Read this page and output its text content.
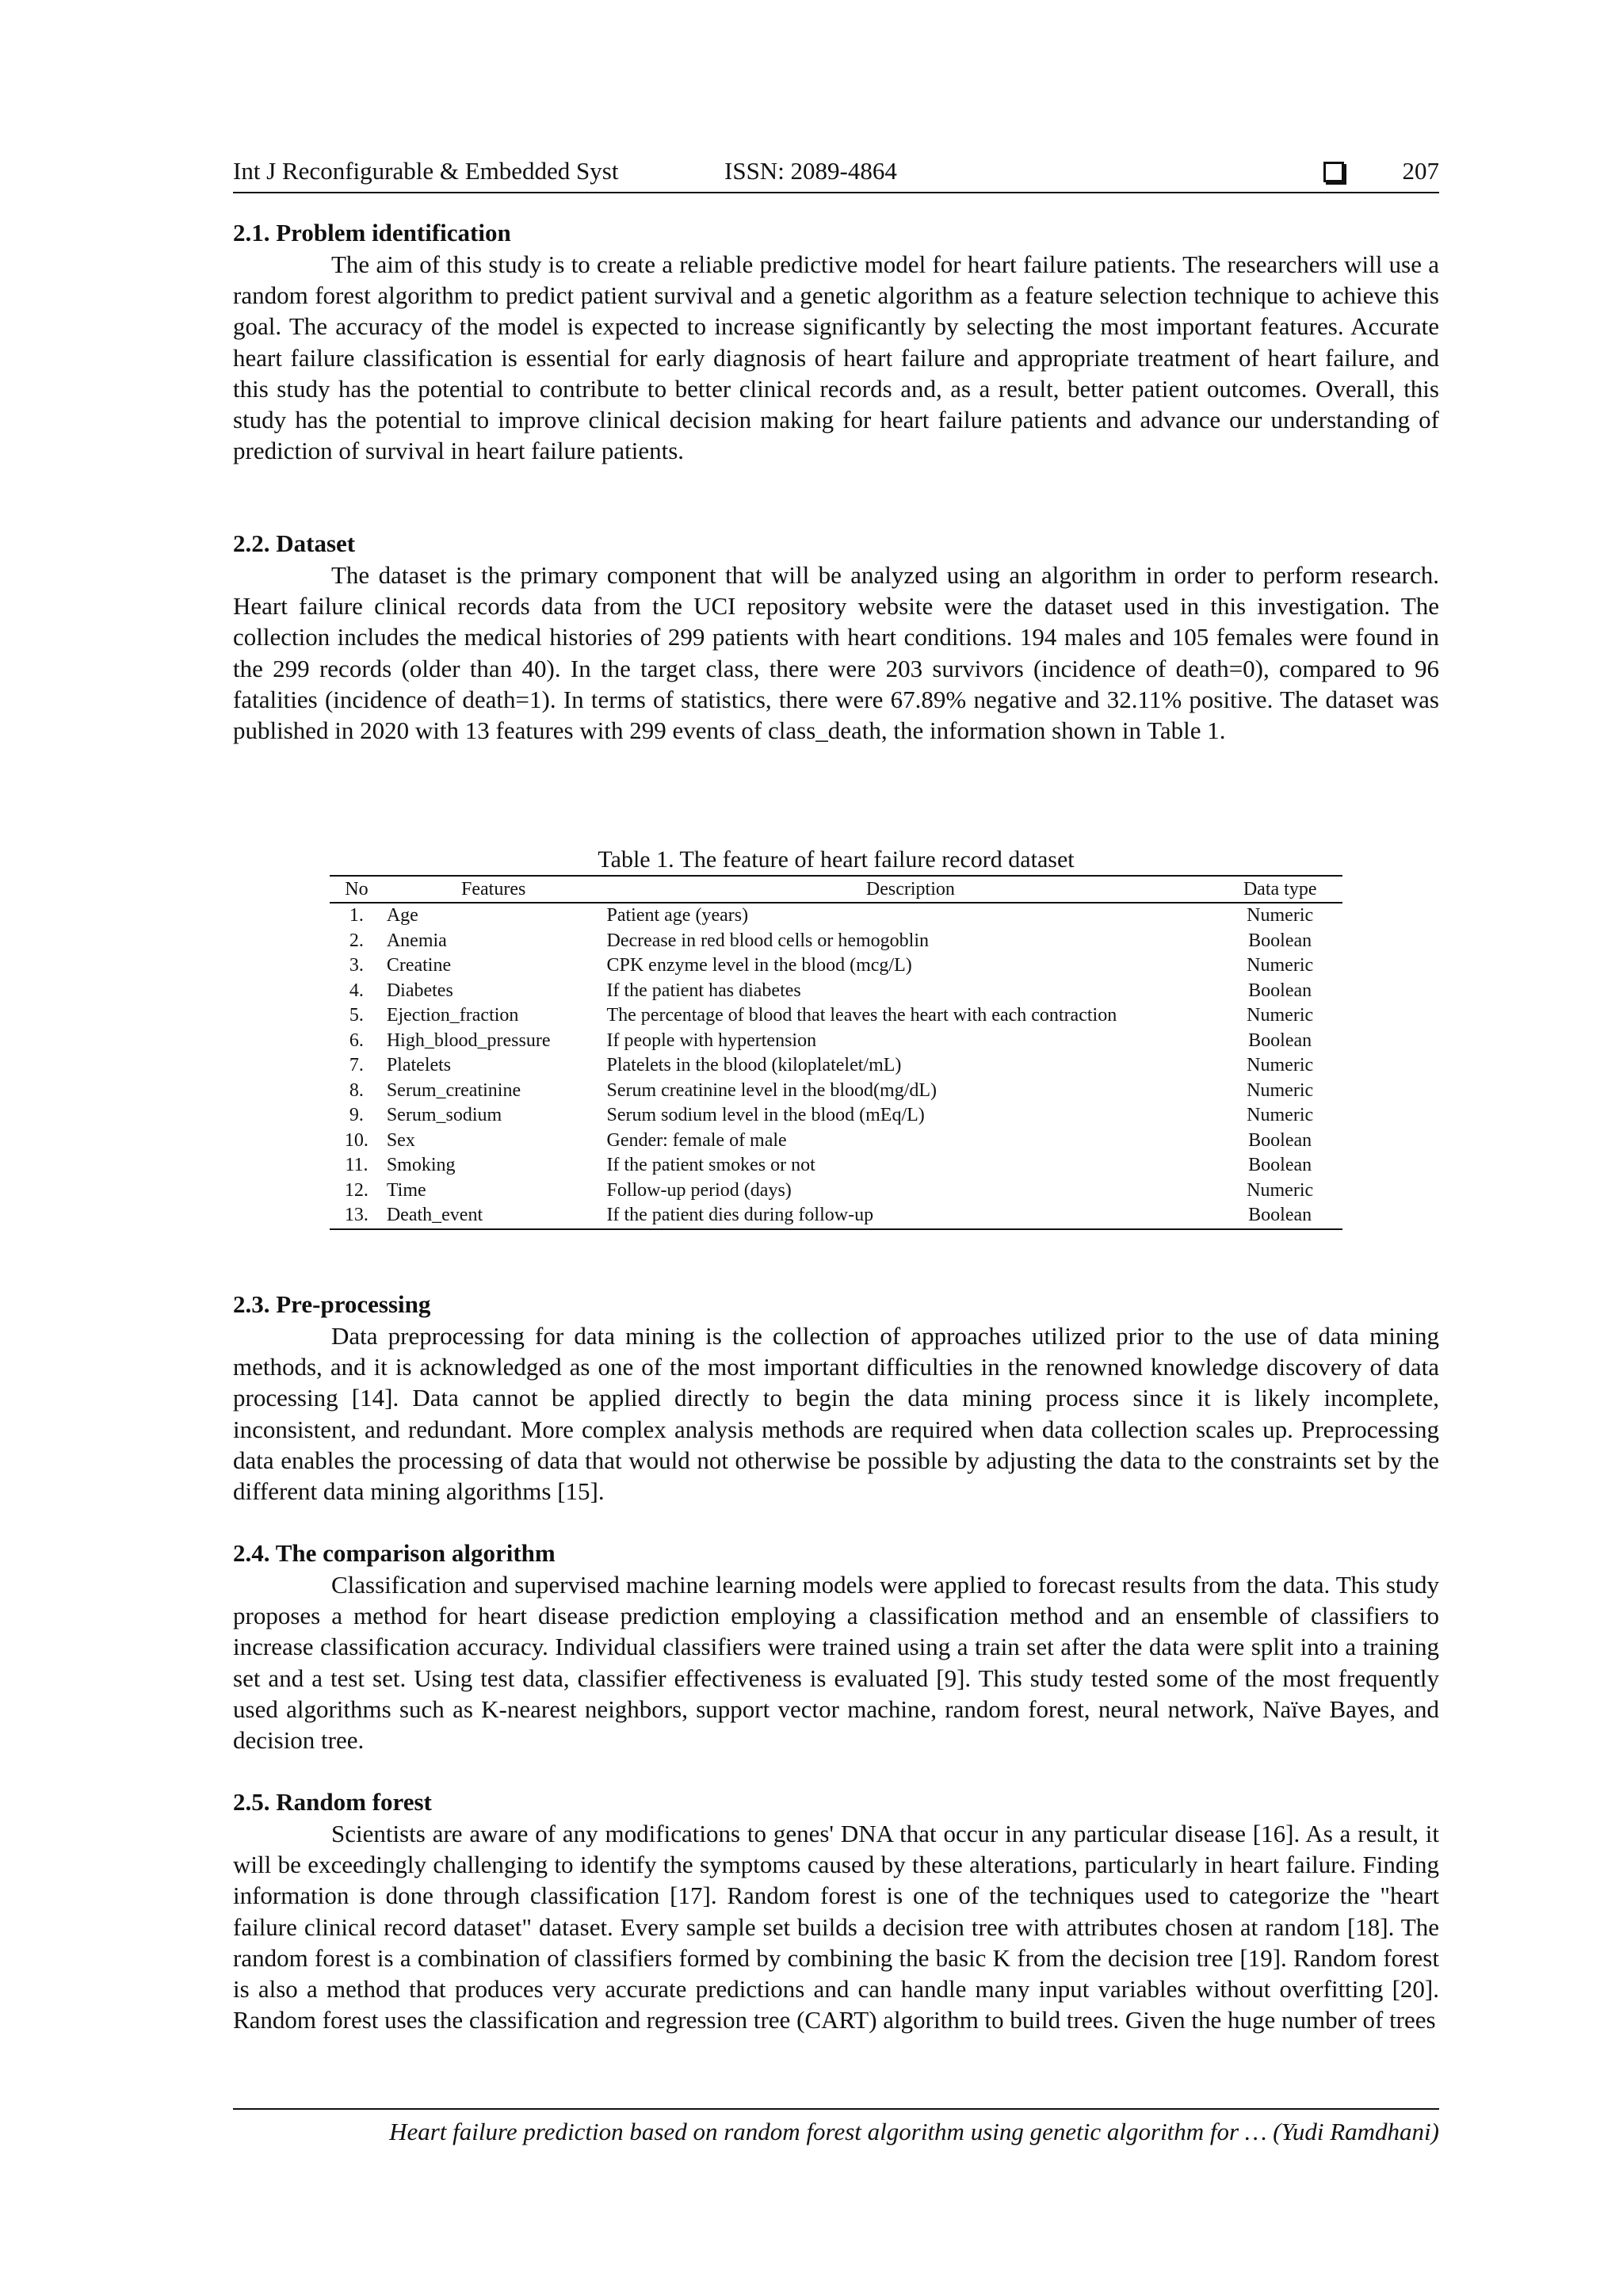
Int J Reconfigurable & Embedded Syst	ISSN: 2089-4864	207
2.1. Problem identification

The aim of this study is to create a reliable predictive model for heart failure patients. The researchers will use a random forest algorithm to predict patient survival and a genetic algorithm as a feature selection technique to achieve this goal. The accuracy of the model is expected to increase significantly by selecting the most important features. Accurate heart failure classification is essential for early diagnosis of heart failure and appropriate treatment of heart failure, and this study has the potential to contribute to better clinical records and, as a result, better patient outcomes. Overall, this study has the potential to improve clinical decision making for heart failure patients and advance our understanding of prediction of survival in heart failure patients.

2.2. Dataset

The dataset is the primary component that will be analyzed using an algorithm in order to perform research. Heart failure clinical records data from the UCI repository website were the dataset used in this investigation. The collection includes the medical histories of 299 patients with heart conditions. 194 males and 105 females were found in the 299 records (older than 40). In the target class, there were 203 survivors (incidence of death=0), compared to 96 fatalities (incidence of death=1). In terms of statistics, there were 67.89% negative and 32.11% positive. The dataset was published in 2020 with 13 features with 299 events of class_death, the information shown in Table 1.

Table 1. The feature of heart failure record dataset
No	Features	Description	Data type
1.	Age	Patient age (years)	Numeric
2.	Anemia	Decrease in red blood cells or hemogoblin	Boolean
3.	Creatine	CPK enzyme level in the blood (mcg/L)	Numeric
4.	Diabetes	If the patient has diabetes	Boolean
5.	Ejection_fraction	The percentage of blood that leaves the heart with each contraction	Numeric
6.	High_blood_pressure	If people with hypertension	Boolean
7.	Platelets	Platelets in the blood (kiloplatelet/mL)	Numeric
8.	Serum_creatinine	Serum creatinine level in the blood(mg/dL)	Numeric
9.	Serum_sodium	Serum sodium level in the blood (mEq/L)	Numeric
10.	Sex	Gender: female of male	Boolean
11.	Smoking	If the patient smokes or not	Boolean
12.	Time	Follow-up period (days)	Numeric
13.	Death_event	If the patient dies during follow-up	Boolean
2.3. Pre-processing

Data preprocessing for data mining is the collection of approaches utilized prior to the use of data mining methods, and it is acknowledged as one of the most important difficulties in the renowned knowledge discovery of data processing [14]. Data cannot be applied directly to begin the data mining process since it is likely incomplete, inconsistent, and redundant. More complex analysis methods are required when data collection scales up. Preprocessing data enables the processing of data that would not otherwise be possible by adjusting the data to the constraints set by the different data mining algorithms [15].

2.4. The comparison algorithm

Classification and supervised machine learning models were applied to forecast results from the data. This study proposes a method for heart disease prediction employing a classification method and an ensemble of classifiers to increase classification accuracy. Individual classifiers were trained using a train set after the data were split into a training set and a test set. Using test data, classifier effectiveness is evaluated [9]. This study tested some of the most frequently used algorithms such as K-nearest neighbors, support vector machine, random forest, neural network, Naïve Bayes, and decision tree.

2.5. Random forest

Scientists are aware of any modifications to genes' DNA that occur in any particular disease [16]. As a result, it will be exceedingly challenging to identify the symptoms caused by these alterations, particularly in heart failure. Finding information is done through classification [17]. Random forest is one of the techniques used to categorize the "heart failure clinical record dataset" dataset. Every sample set builds a decision tree with attributes chosen at random [18]. The random forest is a combination of classifiers formed by combining the basic K from the decision tree [19]. Random forest is also a method that produces very accurate predictions and can handle many input variables without overfitting [20]. Random forest uses the classification and regression tree (CART) algorithm to build trees. Given the huge number of trees

Heart failure prediction based on random forest algorithm using genetic algorithm for … (Yudi Ramdhani)
